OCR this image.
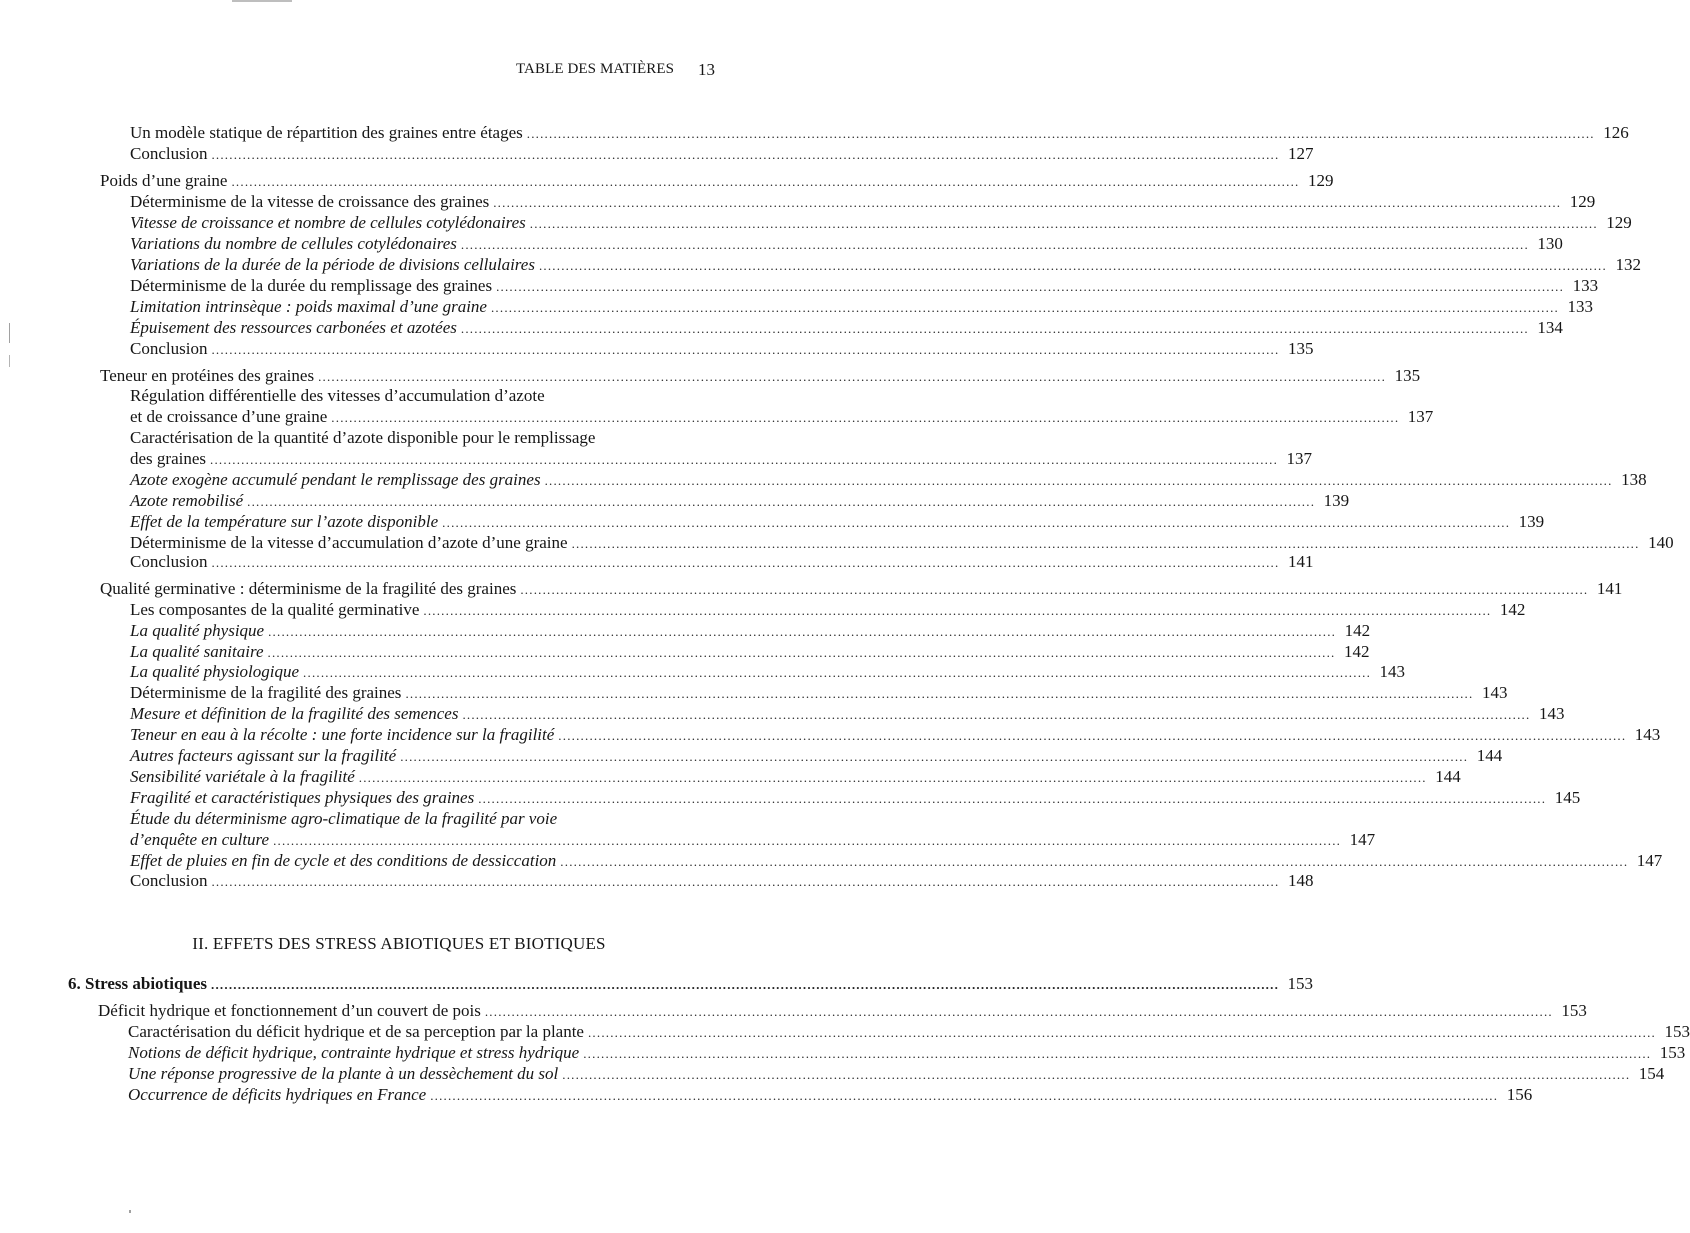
TABLE DES MATIÈRES 13
Un modèle statique de répartition des graines entre étages .....	126
Conclusion .....	127
Poids d’une graine .....	129
Déterminisme de la vitesse de croissance des graines .....	129
Vitesse de croissance et nombre de cellules cotylédonaires .....	129
Variations du nombre de cellules cotylédonaires .....	130
Variations de la durée de la période de divisions cellulaires .....	132
Déterminisme de la durée du remplissage des graines .....	133
Limitation intrinsèque : poids maximal d’une graine .....	133
Épuisement des ressources carbonées et azotées .....	134
Conclusion .....	135
Teneur en protéines des graines .....	135
Régulation différentielle des vitesses d’accumulation d’azote
et de croissance d’une graine .....	137
Caractérisation de la quantité d’azote disponible pour le remplissage
des graines .....	137
Azote exogène accumulé pendant le remplissage des graines .....	138
Azote remobilisé .....	139
Effet de la température sur l’azote disponible .....	139
Déterminisme de la vitesse d’accumulation d’azote d’une graine .....	140
Conclusion .....	141
Qualité germinative : déterminisme de la fragilité des graines .....	141
Les composantes de la qualité germinative .....	142
La qualité physique .....	142
La qualité sanitaire .....	142
La qualité physiologique .....	143
Déterminisme de la fragilité des graines .....	143
Mesure et définition de la fragilité des semences .....	143
Teneur en eau à la récolte : une forte incidence sur la fragilité .....	143
Autres facteurs agissant sur la fragilité .....	144
Sensibilité variétale à la fragilité .....	144
Fragilité et caractéristiques physiques des graines .....	145
Étude du déterminisme agro-climatique de la fragilité par voie
d’enquête en culture .....	147
Effet de pluies en fin de cycle et des conditions de dessiccation .....	147
Conclusion .....	148
II. EFFETS DES STRESS ABIOTIQUES ET BIOTIQUES
6. Stress abiotiques .....	153
Déficit hydrique et fonctionnement d’un couvert de pois .....	153
Caractérisation du déficit hydrique et de sa perception par la plante .....	153
Notions de déficit hydrique, contrainte hydrique et stress hydrique .....	153
Une réponse progressive de la plante à un dessèchement du sol .....	154
Occurrence de déficits hydriques en France .....	156
